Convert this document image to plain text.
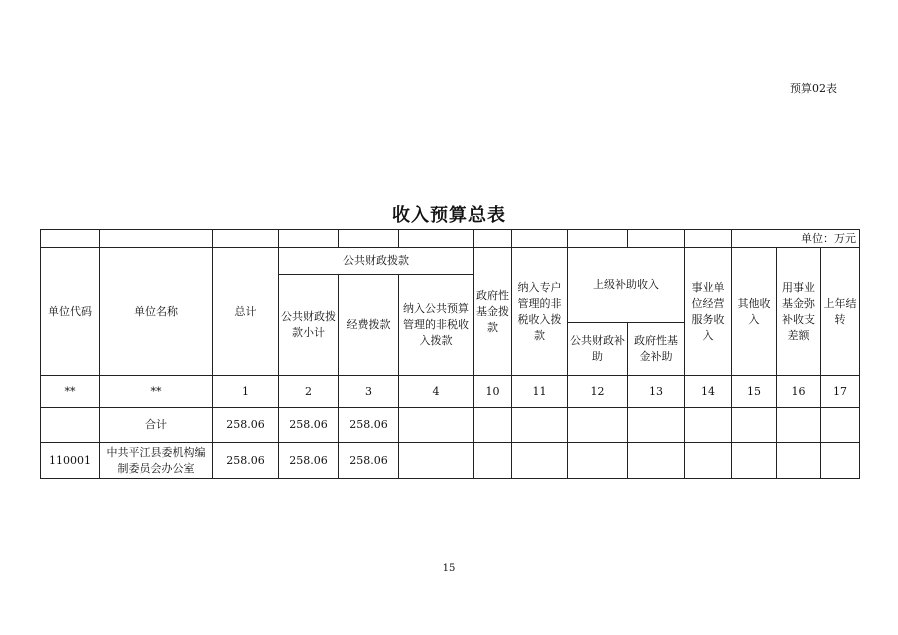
预算02表
收入预算总表
											单位：万元		
单位代码	单位名称	总计	公共财政拨款			政府性基金拨款	纳入专户管理的非税收入拨款	上级补助收入		事业单位经营服务收入	其他收入	用事业基金弥补收支差额	上年结转
			公共财政拨款小计	经费拨款	纳入公共预算管理的非税收入拨款								
								公共财政补助	政府性基金补助				
**	**	1	2	3	4	10	11	12	13	14	15	16	17
	合计	258.06	258.06	258.06									
110001	中共平江县委机构编制委员会办公室	258.06	258.06	258.06									
15
